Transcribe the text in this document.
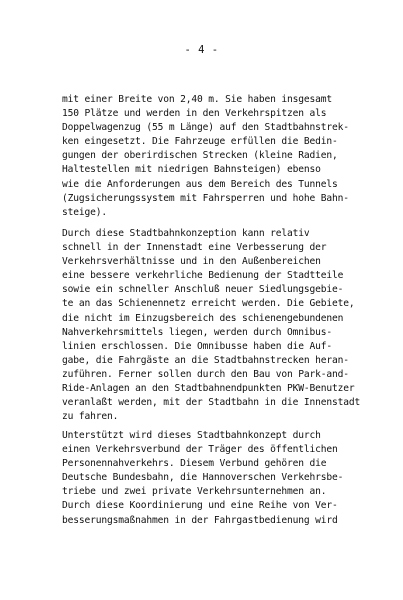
- 4 -
mit einer Breite von 2,40 m. Sie haben insgesamt
150 Plätze und werden in den Verkehrspitzen als
Doppelwagenzug (55 m Länge) auf den Stadtbahnstrek-
ken eingesetzt. Die Fahrzeuge erfüllen die Bedin-
gungen der oberirdischen Strecken (kleine Radien,
Haltestellen mit niedrigen Bahnsteigen) ebenso
wie die Anforderungen aus dem Bereich des Tunnels
(Zugsicherungssystem mit Fahrsperren und hohe Bahn-
steige).
Durch diese Stadtbahnkonzeption kann relativ
schnell in der Innenstadt eine Verbesserung der
Verkehrsverhältnisse und in den Außenbereichen
eine bessere verkehrliche Bedienung der Stadtteile
sowie ein schneller Anschluß neuer Siedlungsgebie-
te an das Schienennetz erreicht werden. Die Gebiete,
die nicht im Einzugsbereich des schienengebundenen
Nahverkehrsmittels liegen, werden durch Omnibus-
linien erschlossen. Die Omnibusse haben die Auf-
gabe, die Fahrgäste an die Stadtbahnstrecken heran-
zuführen. Ferner sollen durch den Bau von Park-and-
Ride-Anlagen an den Stadtbahnendpunkten PKW-Benutzer
veranlaßt werden, mit der Stadtbahn in die Innenstadt
zu fahren.
Unterstützt wird dieses Stadtbahnkonzept durch
einen Verkehrsverbund der Träger des öffentlichen
Personennahverkehrs. Diesem Verbund gehören die
Deutsche Bundesbahn, die Hannoverschen Verkehrsbe-
triebe und zwei private Verkehrsunternehmen an.
Durch diese Koordinierung und eine Reihe von Ver-
besserungsmaßnahmen in der Fahrgastbedienung wird
